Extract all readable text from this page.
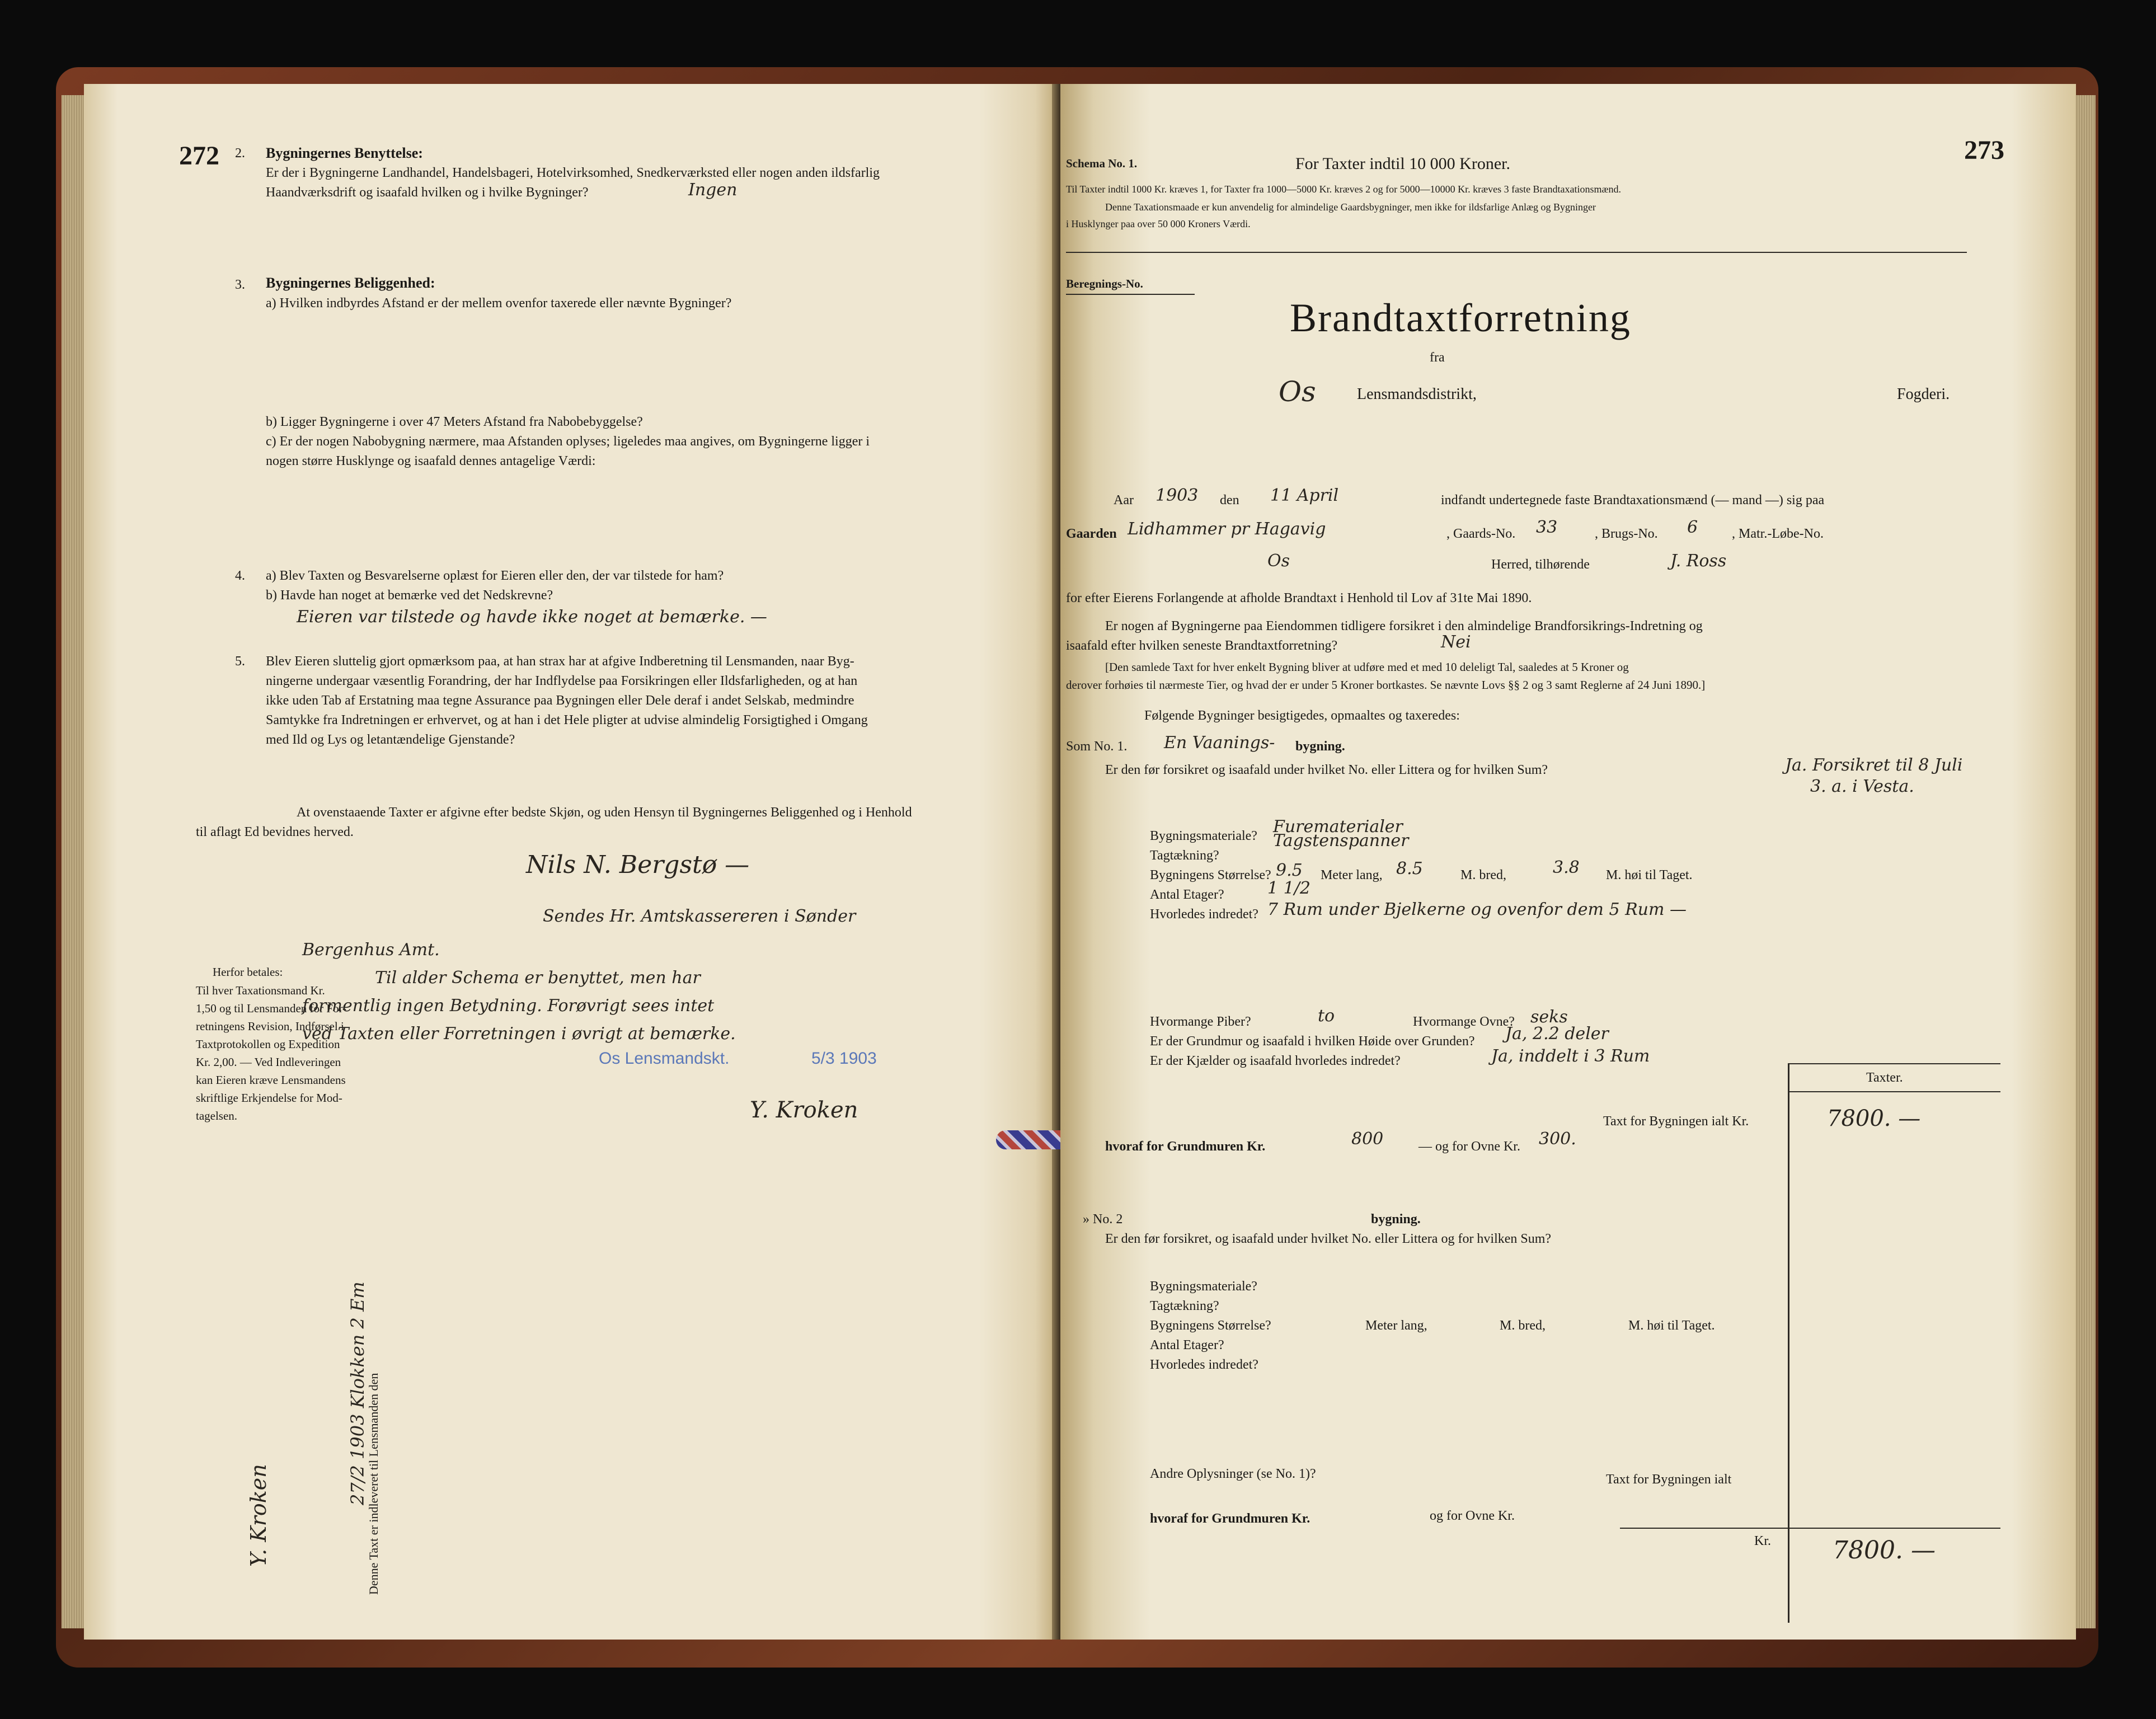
272 2. Bygningernes Benyttelse:
Er der i Bygningerne Landhandel, Handelsbageri, Hotelvirksomhed, Snedkerværksted eller nogen anden ildsfarlig
Haandværksdrift og isaafald hvilken og i hvilke Bygninger?	Ingen
3. Bygningernes Beliggenhed:
a) Hvilken indbyrdes Afstand er der mellem ovenfor taxerede eller nævnte Bygninger?
b) Ligger Bygningerne i over 47 Meters Afstand fra Nabobebyggelse?
c) Er der nogen Nabobygning nærmere, maa Afstanden oplyses; ligeledes maa angives, om Bygningerne ligger i
nogen større Husklynge og isaafald dennes antagelige Værdi:
4. a) Blev Taxten og Besvarelserne oplæst for Eieren eller den, der var tilstede for ham?
b) Havde han noget at bemærke ved det Nedskrevne?
Eieren var tilstede og havde ikke noget at bemærke. —
5. Blev Eieren sluttelig gjort opmærksom paa, at han strax har at afgive Indberetning til Lensmanden, naar Byg-
ningerne undergaar væsentlig Forandring, der har Indflydelse paa Forsikringen eller Ildsfarligheden, og at han
ikke uden Tab af Erstatning maa tegne Assurance paa Bygningen eller Dele deraf i andet Selskab, medmindre
Samtykke fra Indretningen er erhvervet, og at han i det Hele pligter at udvise almindelig Forsigtighed i Omgang
med Ild og Lys og letantændelige Gjenstande?
At ovenstaaende Taxter er afgivne efter bedste Skjøn, og uden Hensyn til Bygningernes Beliggenhed og i Henhold
til aflagt Ed bevidnes herved.
Nils N. Bergstø —
Herfor betales:
Os Lensmandskt.	5/3 1903
Y. Kroken
Denne Taxt er indleveret til Lensmanden den
27/2 1903 Klokken 2 Em
Y. Kroken
Til hver Taxationsmand Kr.
1,50 og til Lensmanden for For-
retningens Revision, Indførsel i
Taxtprotokollen og Expedition
Kr. 2,00. — Ved Indleveringen
kan Eieren kræve Lensmandens
skriftlige Erkjendelse for Mod-
tagelsen.
Sendes Hr. Amtskassereren i Sønder
Bergenhus Amt.
Til alder Schema er benyttet, men har
formentlig ingen Betydning. Forøvrigt sees intet
ved Taxten eller Forretningen i øvrigt at bemærke.
Schema No. 1.	For Taxter indtil 10 000 Kroner.	273
Til Taxter indtil 1000 Kr. kræves 1, for Taxter fra 1000—5000 Kr. kræves 2 og for 5000—10000 Kr. kræves 3 faste Brandtaxationsmænd.
Denne Taxationsmaade er kun anvendelig for almindelige Gaardsbygninger, men ikke for ildsfarlige Anlæg og Bygninger
i Husklynger paa over 50 000 Kroners Værdi.
Beregnings-No.
Brandtaxtforretning
fra
Os	Lensmandsdistrikt,	Fogderi.
Aar 1903 den 11 April	indfandt undertegnede faste Brandtaxationsmænd (— mand —) sig paa
Gaarden Lidhammer pr Hagavig	, Gaards-No. 33	, Brugs-No. 6	, Matr.-Løbe-No.
Os	Herred, tilhørende	J. Ross
for efter Eierens Forlangende at afholde Brandtaxt i Henhold til Lov af 31te Mai 1890.
Er nogen af Bygningerne paa Eiendommen tidligere forsikret i den almindelige Brandforsikrings-Indretning og
isaafald efter hvilken seneste Brandtaxtforretning?	Nei
[Den samlede Taxt for hver enkelt Bygning bliver at udføre med et med 10 deleligt Tal, saaledes at 5 Kroner og
derover forhøies til nærmeste Tier, og hvad der er under 5 Kroner bortkastes. Se nævnte Lovs §§ 2 og 3 samt Reglerne af 24 Juni 1890.]
Følgende Bygninger besigtigedes, opmaaltes og taxeredes:
Som No. 1. En Vaanings- bygning.
Er den før forsikret og isaafald under hvilket No. eller Littera og for hvilken Sum?	Ja. Forsikret til 8 Juli
3. a. i Vesta.
Bygningsmateriale? Furematerialer
Tagtækning?
Tagstenspanner
Bygningens Størrelse? 9.5 Meter lang, 8.5	M. bred,	3.8 M. høi til Taget.
Antal Etager?	1 1/2
Hvorledes indredet? 7 Rum under Bjelkerne og ovenfor dem 5 Rum —
Hvormange Piber?	to	Hvormange Ovne? seks
Er der Grundmur og isaafald i hvilken Høide over Grunden? Ja, 2.2 deler
Er der Kjælder og isaafald hvorledes indredet?	Ja, inddelt i 3 Rum
Taxter.
Taxt for Bygningen ialt Kr.	7800. —
hvoraf for Grundmuren Kr.	800	— og for Ovne Kr. 300.
» No. 2	bygning.
Er den før forsikret, og isaafald under hvilket No. eller Littera og for hvilken Sum?
Bygningsmateriale?
Tagtækning?
Bygningens Størrelse?	Meter lang,	M. bred,	M. høi til Taget.
Antal Etager?
Hvorledes indredet?
Andre Oplysninger (se No. 1)?	Taxt for Bygningen ialt
hvoraf for Grundmuren Kr.	og for Ovne Kr.
Kr.	7800. —
